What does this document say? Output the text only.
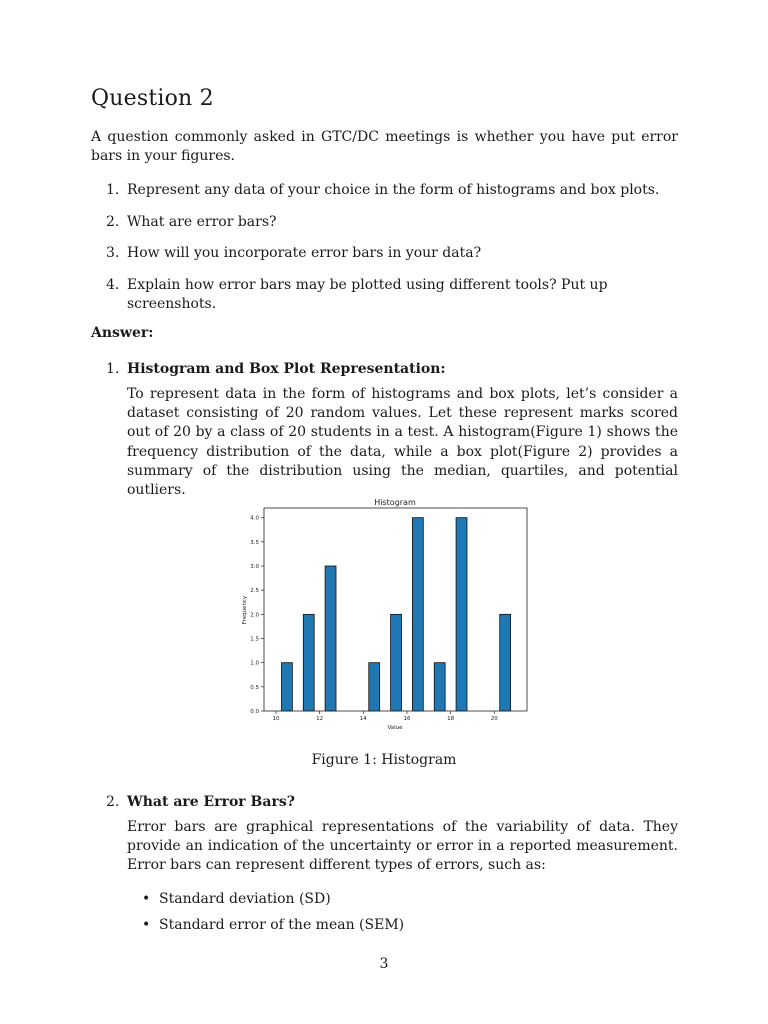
Question 2

A question commonly asked in GTC/DC meetings is whether you have put error bars in your figures.

1. Represent any data of your choice in the form of histograms and box plots.
2. What are error bars?
3. How will you incorporate error bars in your data?
4. Explain how error bars may be plotted using different tools? Put up screenshots.

Answer:

1. Histogram and Box Plot Representation:

To represent data in the form of histograms and box plots, let’s consider a dataset consisting of 20 random values. Let these represent marks scored out of 20 by a class of 20 students in a test. A histogram(Figure 1) shows the frequency distribution of the data, while a box plot(Figure 2) provides a summary of the distribution using the median, quartiles, and potential outliers.

Histogram
10	12	14	16	18	20
0.0
0.5
1.0
1.5
2.0
2.5
3.0
3.5
4.0
Value
Frequency

Figure 1: Histogram

2. What are Error Bars?

Error bars are graphical representations of the variability of data. They provide an indication of the uncertainty or error in a reported measurement. Error bars can represent different types of errors, such as:

• Standard deviation (SD)
• Standard error of the mean (SEM)

3
